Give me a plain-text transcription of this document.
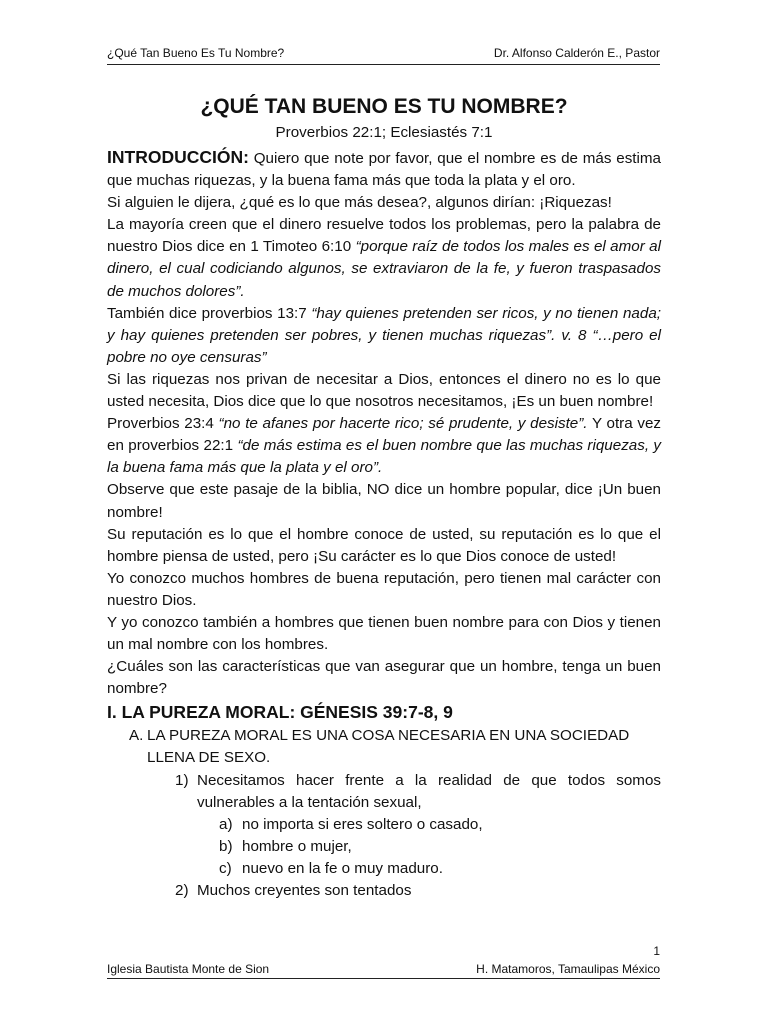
¿Qué Tan Bueno Es Tu Nombre?	Dr. Alfonso Calderón E., Pastor
¿QUÉ TAN BUENO ES TU NOMBRE?
Proverbios 22:1; Eclesiastés 7:1

INTRODUCCIÓN: Quiero que note por favor, que el nombre es de más estima que muchas riquezas, y la buena fama más que toda la plata y el oro.

Si alguien le dijera, ¿qué es lo que más desea?, algunos dirían: ¡Riquezas!

La mayoría creen que el dinero resuelve todos los problemas, pero la palabra de nuestro Dios dice en 1 Timoteo 6:10 “porque raíz de todos los males es el amor al dinero, el cual codiciando algunos, se extraviaron de la fe, y fueron traspasados de muchos dolores”.

También dice proverbios 13:7 “hay quienes pretenden ser ricos, y no tienen nada; y hay quienes pretenden ser pobres, y tienen muchas riquezas”. v. 8 “…pero el pobre no oye censuras”

Si las riquezas nos privan de necesitar a Dios, entonces el dinero no es lo que usted necesita, Dios dice que lo que nosotros necesitamos, ¡Es un buen nombre!

Proverbios 23:4 “no te afanes por hacerte rico; sé prudente, y desiste”. Y otra vez en proverbios 22:1 “de más estima es el buen nombre que las muchas riquezas, y la buena fama más que la plata y el oro”.

Observe que este pasaje de la biblia, NO dice un hombre popular, dice ¡Un buen nombre!

Su reputación es lo que el hombre conoce de usted, su reputación es lo que el hombre piensa de usted, pero ¡Su carácter es lo que Dios conoce de usted!

Yo conozco muchos hombres de buena reputación, pero tienen mal carácter con nuestro Dios.

Y yo conozco también a hombres que tienen buen nombre para con Dios y tienen un mal nombre con los hombres.

¿Cuáles son las características que van asegurar que un hombre, tenga un buen nombre?

I. LA PUREZA MORAL: GÉNESIS 39:7-8, 9
A. LA PUREZA MORAL ES UNA COSA NECESARIA EN UNA SOCIEDAD LLENA DE SEXO.
1) Necesitamos hacer frente a la realidad de que todos somos vulnerables a la tentación sexual,
a) no importa si eres soltero o casado,
b) hombre o mujer,
c) nuevo en la fe o muy maduro.
2) Muchos creyentes son tentados
1
Iglesia Bautista Monte de Sion	H. Matamoros, Tamaulipas México
